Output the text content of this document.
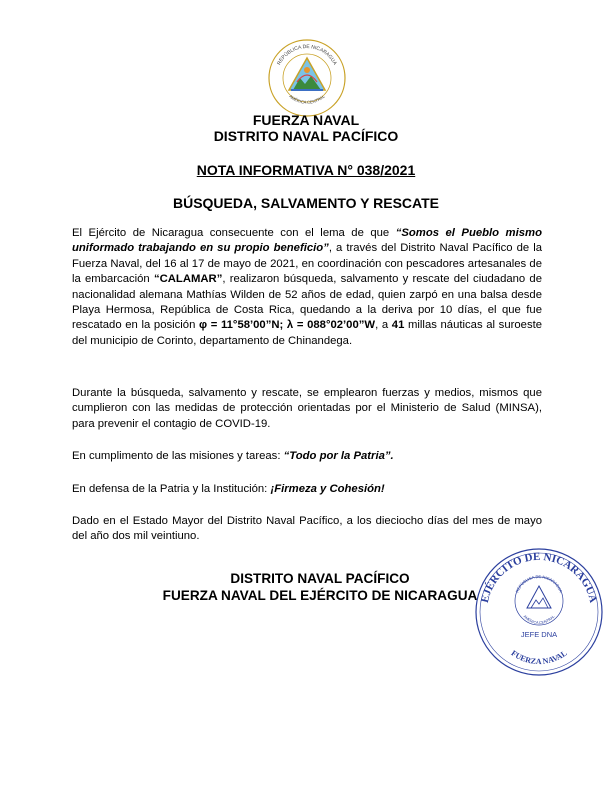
REPÚBLICA DE NICARAGUA
AMÉRICA CENTRAL
FUERZA NAVAL
DISTRITO NAVAL PACÍFICO
NOTA INFORMATIVA N° 038/2021
BÚSQUEDA, SALVAMENTO Y RESCATE
El Ejército de Nicaragua consecuente con el lema de que “Somos el Pueblo mismo uniformado trabajando en su propio beneficio”, a través del Distrito Naval Pacífico de la Fuerza Naval, del 16 al 17 de mayo de 2021, en coordinación con pescadores artesanales de la embarcación “CALAMAR”, realizaron búsqueda, salvamento y rescate del ciudadano de nacionalidad alemana Mathías Wilden de 52 años de edad, quien zarpó en una balsa desde Playa Hermosa, República de Costa Rica, quedando a la deriva por 10 días, el que fue rescatado en la posición φ = 11°58’00”N; λ = 088°02’00”W, a 41 millas náuticas al suroeste del municipio de Corinto, departamento de Chinandega.
Durante la búsqueda, salvamento y rescate, se emplearon fuerzas y medios, mismos que cumplieron con las medidas de protección orientadas por el Ministerio de Salud (MINSA), para prevenir el contagio de COVID-19.
En cumplimento de las misiones y tareas: “Todo por la Patria”.
En defensa de la Patria y la Institución: ¡Firmeza y Cohesión!
Dado en el Estado Mayor del Distrito Naval Pacífico, a los dieciocho días del mes de mayo del año dos mil veintiuno.
DISTRITO NAVAL PACÍFICO
FUERZA NAVAL DEL EJÉRCITO DE NICARAGUA EJÉRCITO DE NICARAGUA
REPÚBLICA DE NICARAGUA
AMÉRICA CENTRAL
JEFE DNA
FUERZA NAVAL
